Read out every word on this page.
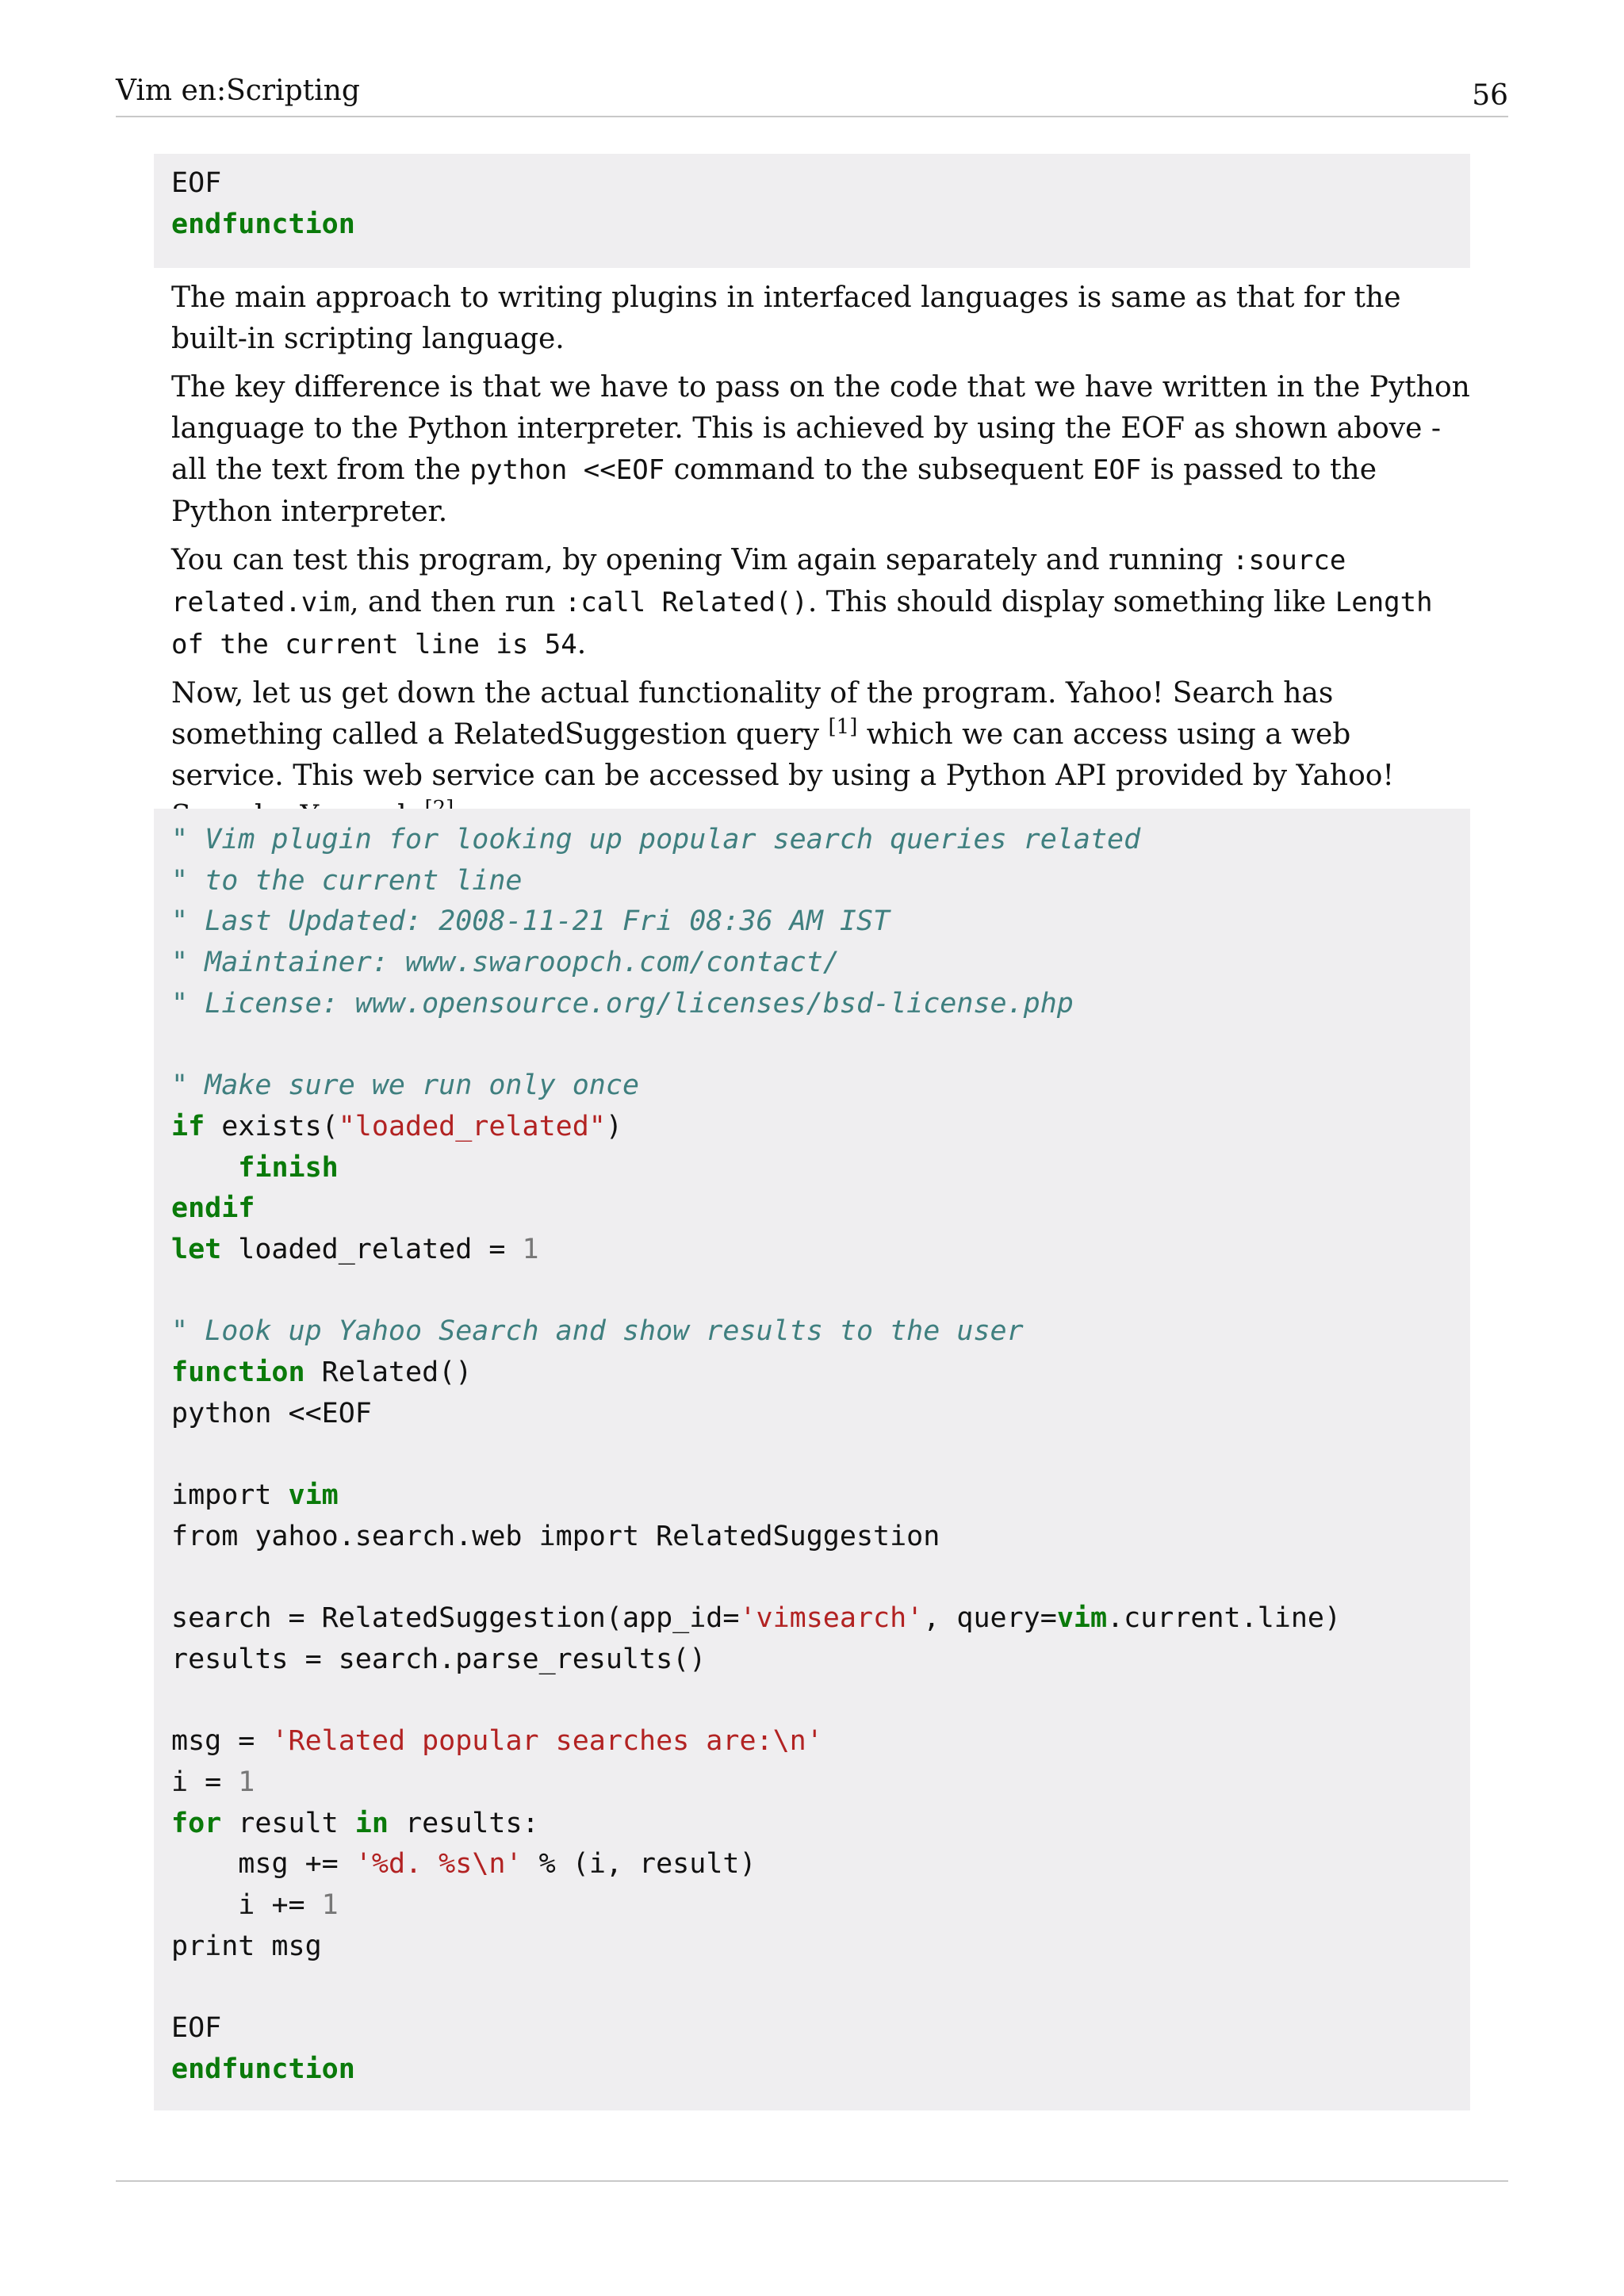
Vim en:Scripting	56
EOF
endfunction

The main approach to writing plugins in interfaced languages is same as that for the built-in scripting language.

The key difference is that we have to pass on the code that we have written in the Python language to the Python interpreter. This is achieved by using the EOF as shown above - all the text from the python <<EOF command to the subsequent EOF is passed to the Python interpreter.

You can test this program, by opening Vim again separately and running :source related.vim, and then run :call Related(). This should display something like Length of the current line is 54.

Now, let us get down the actual functionality of the program. Yahoo! Search has something called a RelatedSuggestion query [1] which we can access using a web service. This web service can be accessed by using a Python API provided by Yahoo!

" Vim plugin for looking up popular search queries related
" to the current line
" Last Updated: 2008-11-21 Fri 08:36 AM IST
" Maintainer: www.swaroopch.com/contact/
" License: www.opensource.org/licenses/bsd-license.php
" Make sure we run only once
if exists("loaded_related")
finish
endif
let loaded_related = 1
" Look up Yahoo Search and show results to the user
function Related()
python <<EOF
import vim
from yahoo.search.web import RelatedSuggestion
search = RelatedSuggestion(app_id='vimsearch', query=vim.current.line)
results = search.parse_results()
msg = 'Related popular searches are:\n'
i = 1
for result in results:
msg += '%d. %s\n' % (i, result)
i += 1
print msg
EOF
endfunction
